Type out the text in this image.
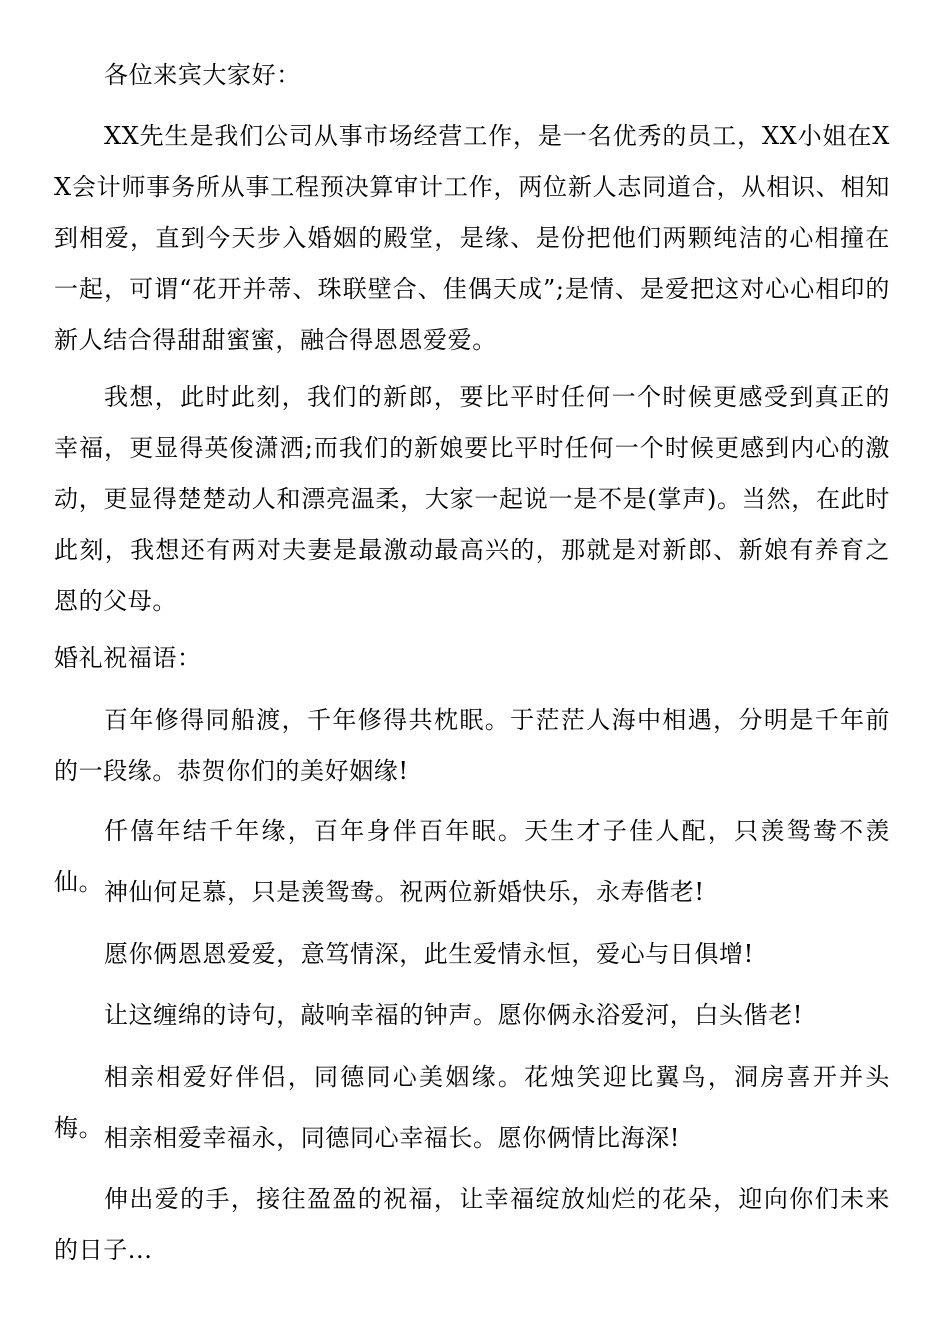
各位来宾大家好：

XX先生是我们公司从事市场经营工作，是一名优秀的员工，XX小姐在XX会计师事务所从事工程预决算审计工作，两位新人志同道合，从相识、相知到相爱，直到今天步入婚姻的殿堂，是缘、是份把他们两颗纯洁的心相撞在一起，可谓“花开并蒂、珠联壁合、佳偶天成”;是情、是爱把这对心心相印的新人结合得甜甜蜜蜜，融合得恩恩爱爱。

我想，此时此刻，我们的新郎，要比平时任何一个时候更感受到真正的幸福，更显得英俊潇洒;而我们的新娘要比平时任何一个时候更感到内心的激动，更显得楚楚动人和漂亮温柔，大家一起说一是不是(掌声)。当然，在此时此刻，我想还有两对夫妻是最激动最高兴的，那就是对新郎、新娘有养育之恩的父母。

婚礼祝福语：

百年修得同船渡，千年修得共枕眠。于茫茫人海中相遇，分明是千年前的一段缘。恭贺你们的美好姻缘!

仟僖年结千年缘，百年身伴百年眠。天生才子佳人配，只羡鸳鸯不羡仙。 神仙何足慕，只是羡鸳鸯。祝两位新婚快乐，永寿偕老!

愿你俩恩恩爱爱，意笃情深，此生爱情永恒，爱心与日俱增!

让这缠绵的诗句，敲响幸福的钟声。愿你俩永浴爱河，白头偕老!

相亲相爱好伴侣，同德同心美姻缘。花烛笑迎比翼鸟，洞房喜开并头梅。 相亲相爱幸福永，同德同心幸福长。愿你俩情比海深!

伸出爱的手，接往盈盈的祝福，让幸福绽放灿烂的花朵，迎向你们未来的日子...
